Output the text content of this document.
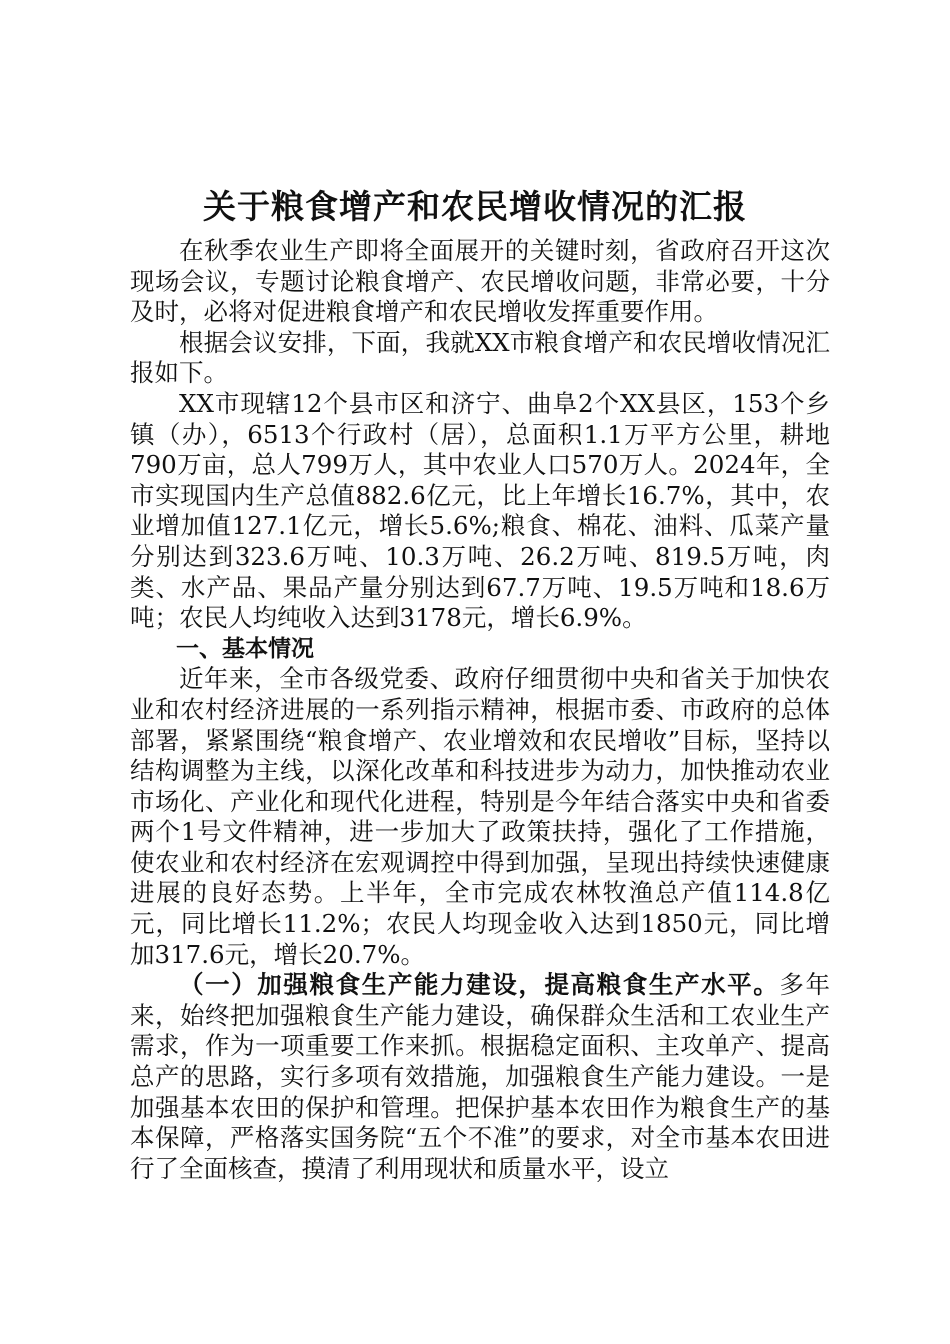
关于粮食增产和农民增收情况的汇报

在秋季农业生产即将全面展开的关键时刻，省政府召开这次现场会议，专题讨论粮食增产、农民增收问题，非常必要，十分及时，必将对促进粮食增产和农民增收发挥重要作用。

根据会议安排，下面，我就XX市粮食增产和农民增收情况汇报如下。

XX市现辖12个县市区和济宁、曲阜2个XX县区，153个乡镇（办），6513个行政村（居），总面积1.1万平方公里，耕地790万亩，总人799万人，其中农业人口570万人。2024年，全市实现国内生产总值882.6亿元，比上年增长16.7%，其中，农业增加值127.1亿元，增长5.6%;粮食、棉花、油料、瓜菜产量分别达到323.6万吨、10.3万吨、26.2万吨、819.5万吨，肉类、水产品、果品产量分别达到67.7万吨、19.5万吨和18.6万吨；农民人均纯收入达到3178元，增长6.9%。

一、基本情况

近年来，全市各级党委、政府仔细贯彻中央和省关于加快农业和农村经济进展的一系列指示精神，根据市委、市政府的总体部署，紧紧围绕“粮食增产、农业增效和农民增收”目标，坚持以结构调整为主线，以深化改革和科技进步为动力，加快推动农业市场化、产业化和现代化进程，特别是今年结合落实中央和省委两个1号文件精神，进一步加大了政策扶持，强化了工作措施，使农业和农村经济在宏观调控中得到加强，呈现出持续快速健康进展的良好态势。上半年，全市完成农林牧渔总产值114.8亿元，同比增长11.2%；农民人均现金收入达到1850元，同比增加317.6元，增长20.7%。

（一）加强粮食生产能力建设，提高粮食生产水平。多年来，始终把加强粮食生产能力建设，确保群众生活和工农业生产需求，作为一项重要工作来抓。根据稳定面积、主攻单产、提高总产的思路，实行多项有效措施，加强粮食生产能力建设。一是加强基本农田的保护和管理。把保护基本农田作为粮食生产的基本保障，严格落实国务院“五个不准”的要求，对全市基本农田进行了全面核查，摸清了利用现状和质量水平，设立
